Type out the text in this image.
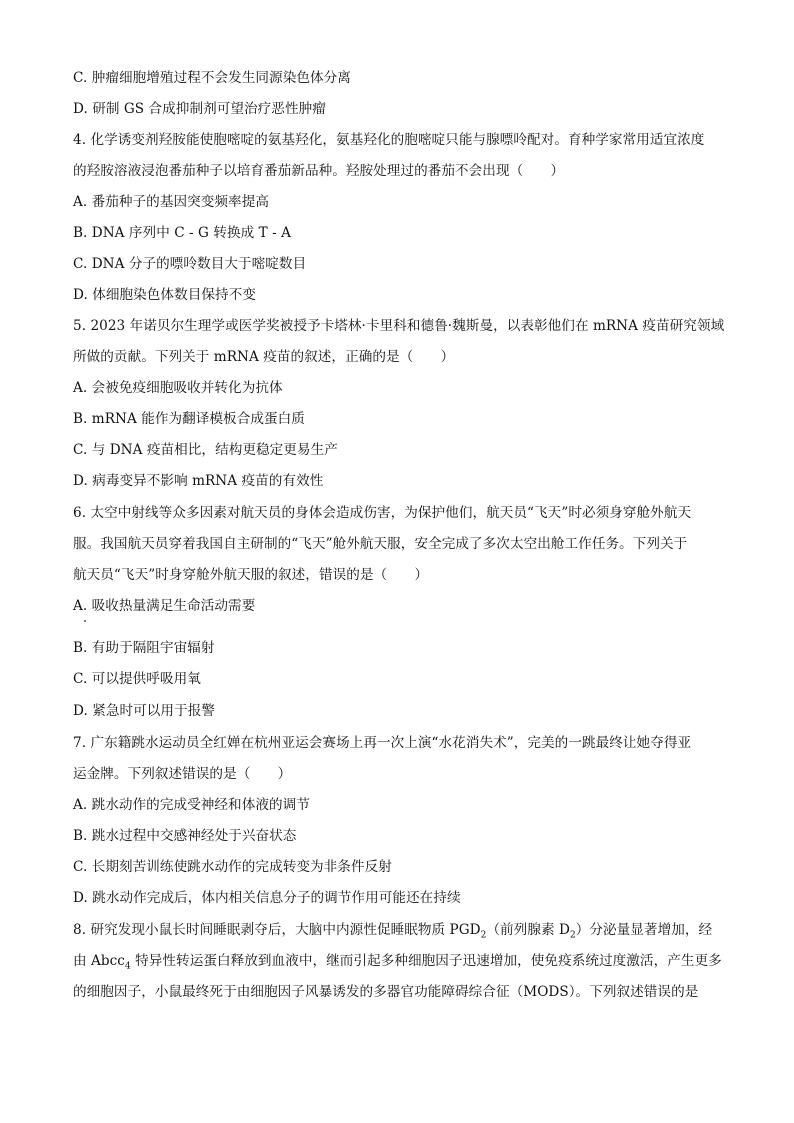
C. 肿瘤细胞增殖过程不会发生同源染色体分离
D. 研制 GS 合成抑制剂可望治疗恶性肿瘤
4. 化学诱变剂羟胺能使胞嘧啶的氨基羟化，氨基羟化的胞嘧啶只能与腺嘌呤配对。育种学家常用适宜浓度
的羟胺溶液浸泡番茄种子以培育番茄新品种。羟胺处理过的番茄不会出现（　　）
A. 番茄种子的基因突变频率提高
B. DNA 序列中 C - G 转换成 T - A
C. DNA 分子的嘌呤数目大于嘧啶数目
D. 体细胞染色体数目保持不变
5. 2023 年诺贝尔生理学或医学奖被授予卡塔林·卡里科和德鲁·魏斯曼，以表彰他们在 mRNA 疫苗研究领域
所做的贡献。下列关于 mRNA 疫苗的叙述，正确的是（　　）
A. 会被免疫细胞吸收并转化为抗体
B. mRNA 能作为翻译模板合成蛋白质
C. 与 DNA 疫苗相比，结构更稳定更易生产
D. 病毒变异不影响 mRNA 疫苗的有效性
6. 太空中射线等众多因素对航天员的身体会造成伤害，为保护他们，航天员“飞天”时必须身穿舱外航天
服。我国航天员穿着我国自主研制的“飞天”舱外航天服，安全完成了多次太空出舱工作任务。下列关于
航天员“飞天”时身穿舱外航天服的叙述，错误的是（　　）
A. 吸收热量满足生命活动需要
B. 有助于隔阻宇宙辐射
C. 可以提供呼吸用氧
D. 紧急时可以用于报警
7. 广东籍跳水运动员全红婵在杭州亚运会赛场上再一次上演“水花消失术”，完美的一跳最终让她夺得亚
运金牌。下列叙述错误的是（　　）
A. 跳水动作的完成受神经和体液的调节
B. 跳水过程中交感神经处于兴奋状态
C. 长期刻苦训练使跳水动作的完成转变为非条件反射
D. 跳水动作完成后，体内相关信息分子的调节作用可能还在持续
8. 研究发现小鼠长时间睡眠剥夺后，大脑中内源性促睡眠物质 $PGD_2$（前列腺素 $D_2$）分泌量显著增加，经
由 Abcc$_4$ 特异性转运蛋白释放到血液中，继而引起多种细胞因子迅速增加，使免疫系统过度激活，产生更多
的细胞因子，小鼠最终死于由细胞因子风暴诱发的多器官功能障碍综合征（MODS）。下列叙述错误的是
